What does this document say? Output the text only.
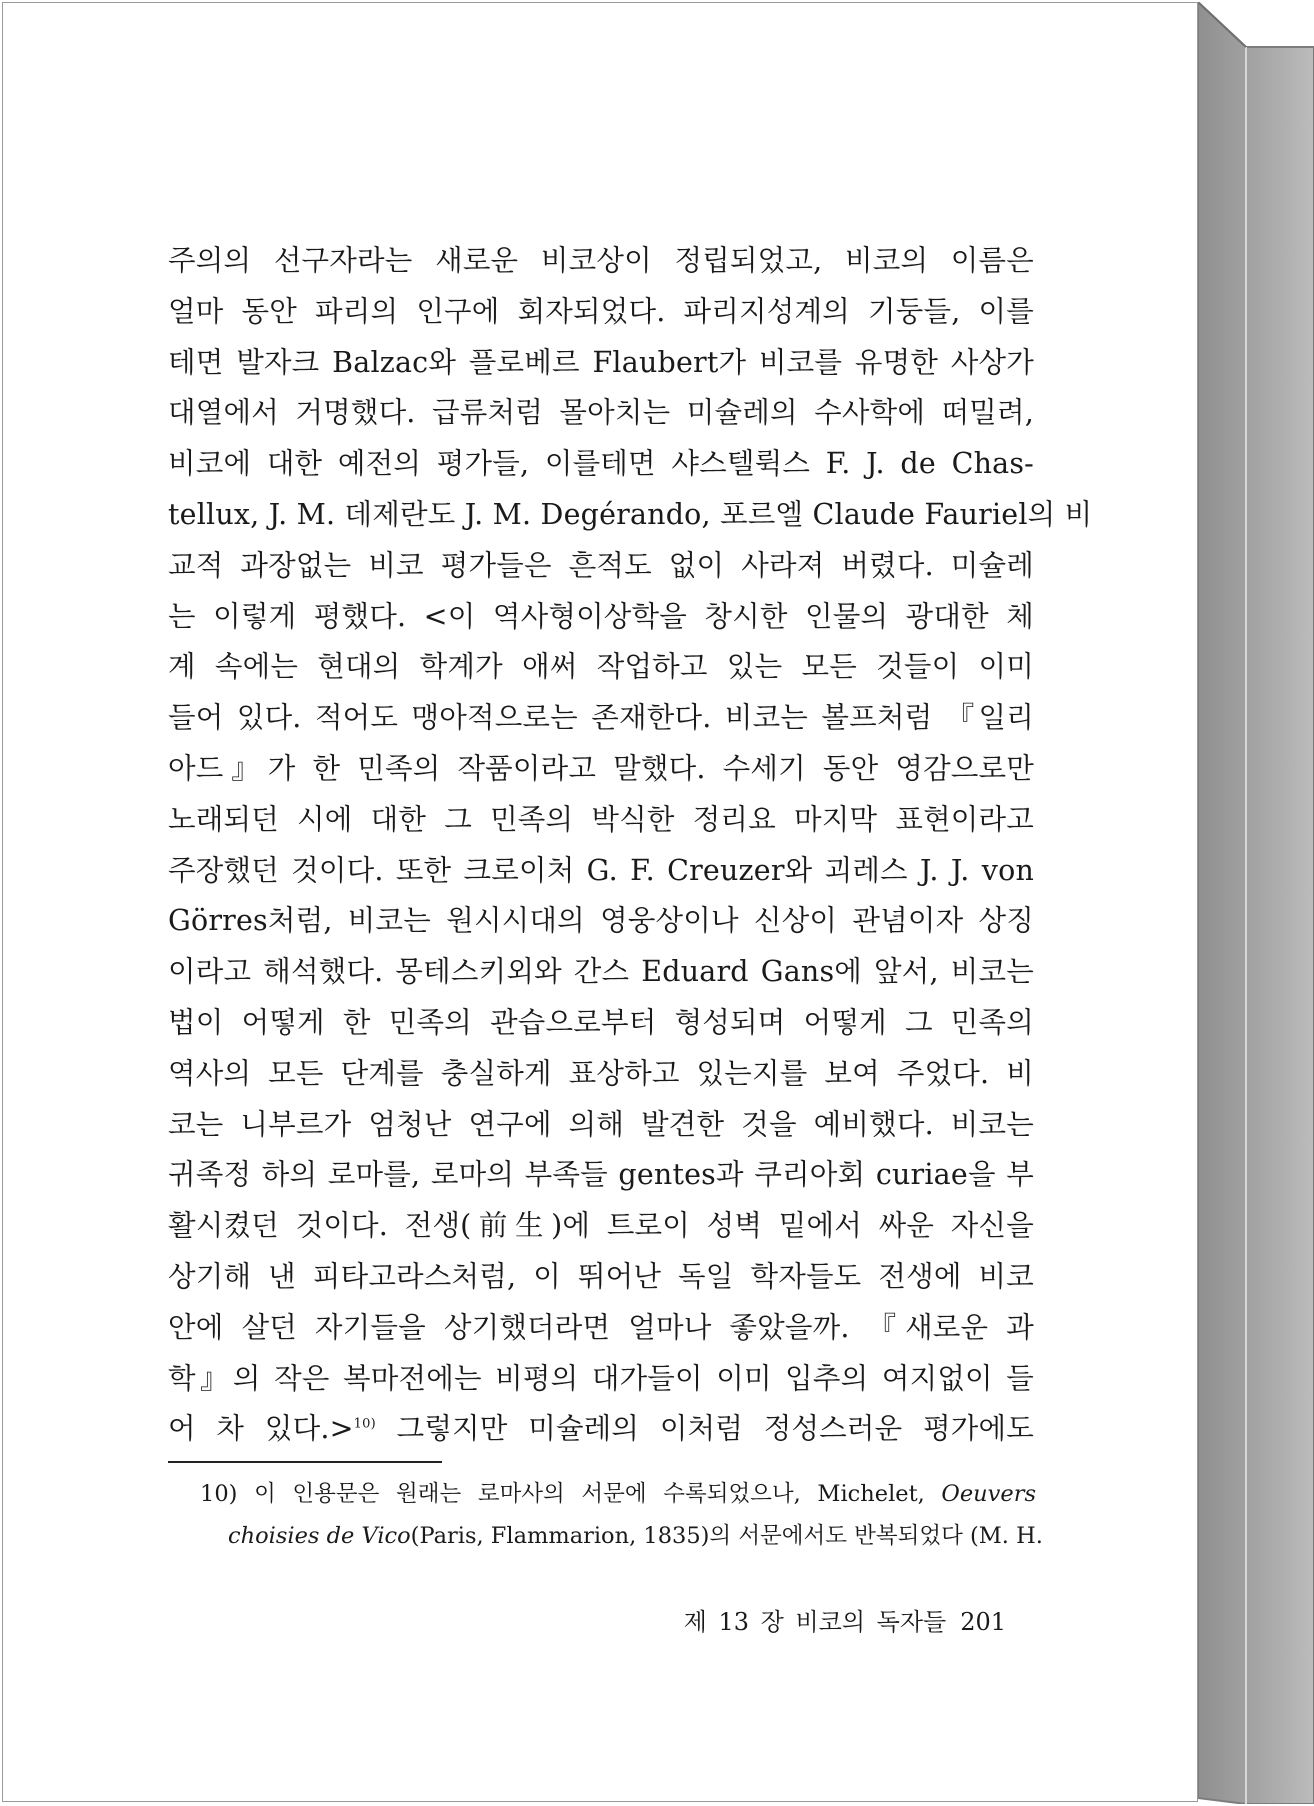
주의의 선구자라는 새로운 비코상이 정립되었고, 비코의 이름은
얼마 동안 파리의 인구에 회자되었다. 파리지성계의 기둥들, 이를
테면 발자크 Balzac와 플로베르 Flaubert가 비코를 유명한 사상가
대열에서 거명했다. 급류처럼 몰아치는 미슐레의 수사학에 떠밀려,
비코에 대한 예전의 평가들, 이를테면 샤스텔뤽스 F. J. de Chas-
tellux, J. M. 데제란도 J. M. Degérando, 포르엘 Claude Fauriel의 비
교적 과장없는 비코 평가들은 흔적도 없이 사라져 버렸다. 미슐레
는 이렇게 평했다. <이 역사형이상학을 창시한 인물의 광대한 체
계 속에는 현대의 학계가 애써 작업하고 있는 모든 것들이 이미
들어 있다. 적어도 맹아적으로는 존재한다. 비코는 볼프처럼 『일리
아드』가 한 민족의 작품이라고 말했다. 수세기 동안 영감으로만
노래되던 시에 대한 그 민족의 박식한 정리요 마지막 표현이라고
주장했던 것이다. 또한 크로이처 G. F. Creuzer와 괴레스 J. J. von
Görres처럼, 비코는 원시시대의 영웅상이나 신상이 관념이자 상징
이라고 해석했다. 몽테스키외와 간스 Eduard Gans에 앞서, 비코는
법이 어떻게 한 민족의 관습으로부터 형성되며 어떻게 그 민족의
역사의 모든 단계를 충실하게 표상하고 있는지를 보여 주었다. 비
코는 니부르가 엄청난 연구에 의해 발견한 것을 예비했다. 비코는
귀족정 하의 로마를, 로마의 부족들 gentes과 쿠리아회 curiae을 부
활시켰던 것이다. 전생(前生)에 트로이 성벽 밑에서 싸운 자신을
상기해 낸 피타고라스처럼, 이 뛰어난 독일 학자들도 전생에 비코
안에 살던 자기들을 상기했더라면 얼마나 좋았을까. 『새로운 과
학』의 작은 복마전에는 비평의 대가들이 이미 입추의 여지없이 들
어 차 있다.>$^{10)}$ 그렇지만 미슐레의 이처럼 정성스러운 평가에도
10) 이 인용문은 원래는 로마사의 서문에 수록되었으나, Michelet, Oeuvers
choisies de Vico(Paris, Flammarion, 1835)의 서문에서도 반복되었다 (M. H.
제 13 장 비코의 독자들 201
